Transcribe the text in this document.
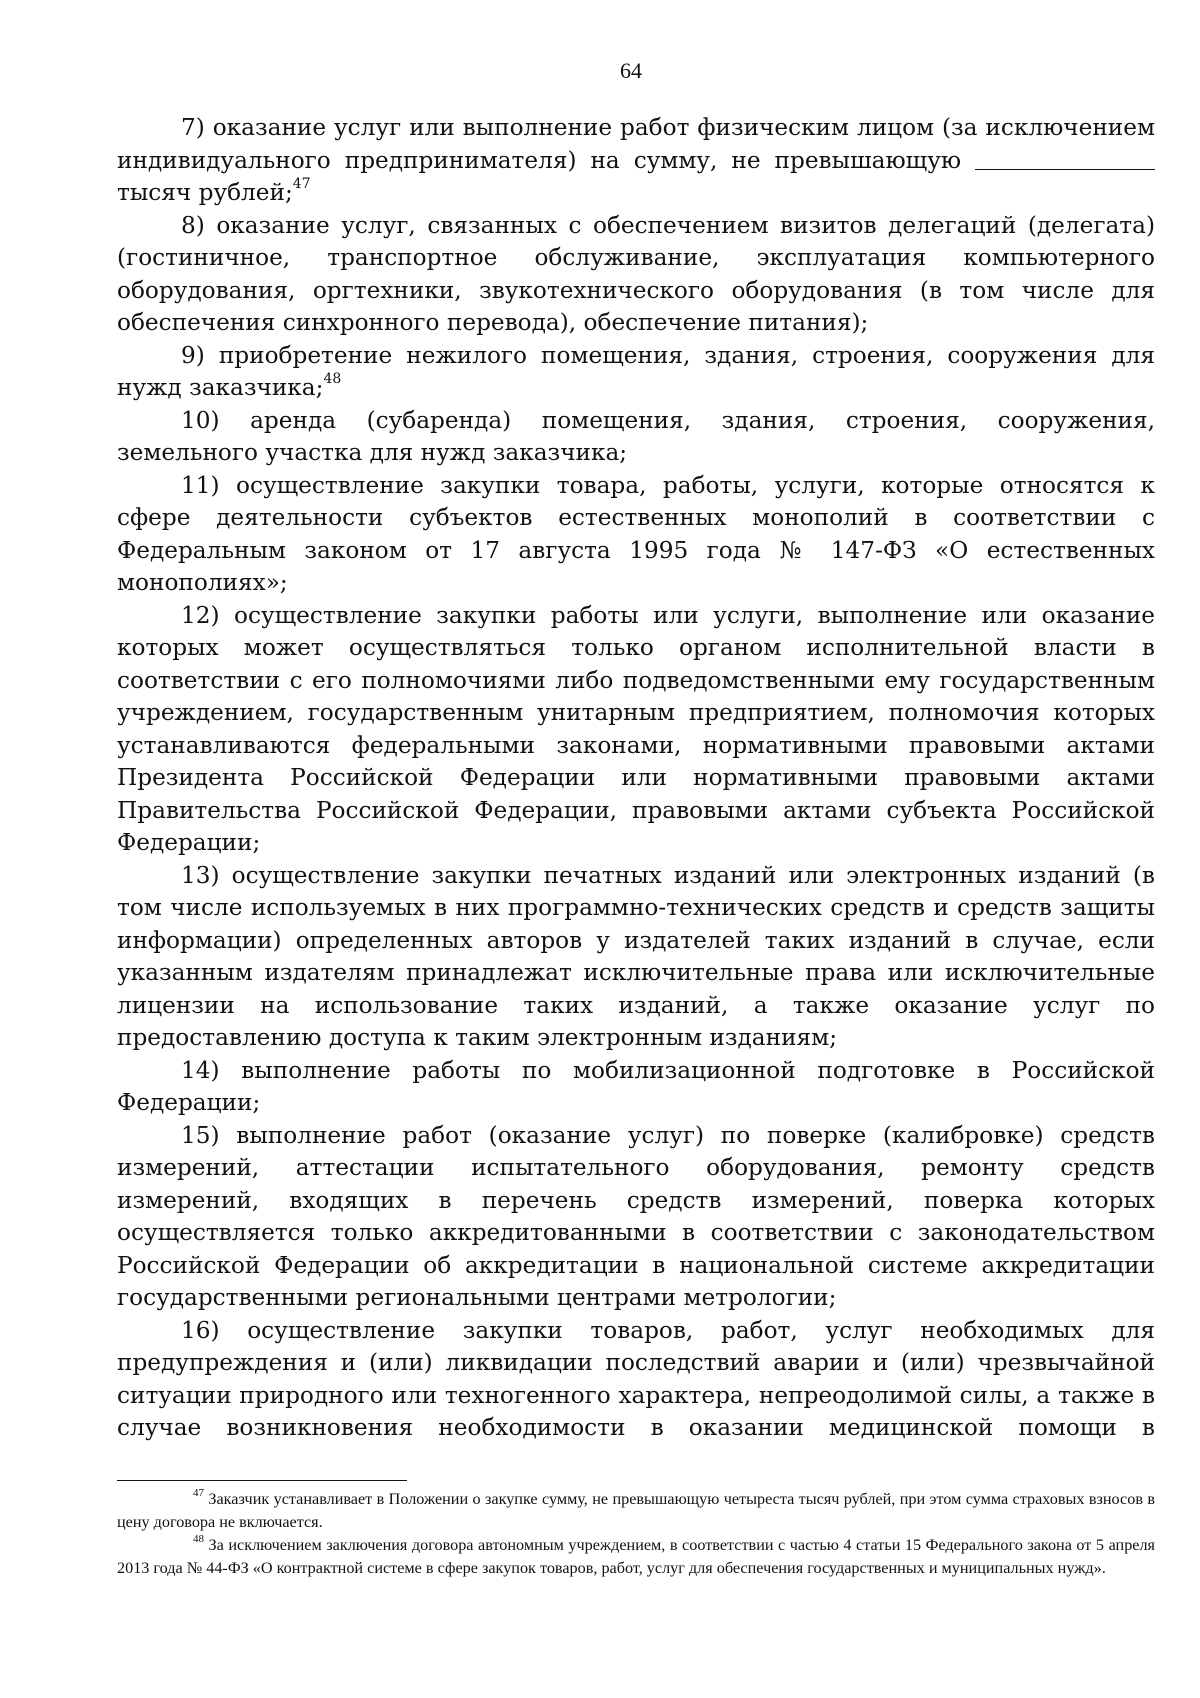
64

7) оказание услуг или выполнение работ физическим лицом (за исключением индивидуального предпринимателя) на сумму, не превышающую  тысяч рублей;$^{47}$

8) оказание услуг, связанных с обеспечением визитов делегаций (делегата) (гостиничное, транспортное обслуживание, эксплуатация компьютерного оборудования, оргтехники, звукотехнического оборудования (в том числе для обеспечения синхронного перевода), обеспечение питания);

9) приобретение нежилого помещения, здания, строения, сооружения для нужд заказчика;$^{48}$

10) аренда (субаренда) помещения, здания, строения, сооружения, земельного участка для нужд заказчика;

11) осуществление закупки товара, работы, услуги, которые относятся к сфере деятельности субъектов естественных монополий в соответствии с Федеральным законом от 17 августа 1995 года № 147-ФЗ «О естественных монополиях»;

12) осуществление закупки работы или услуги, выполнение или оказание которых может осуществляться только органом исполнительной власти в соответствии с его полномочиями либо подведомственными ему государственным учреждением, государственным унитарным предприятием, полномочия которых устанавливаются федеральными законами, нормативными правовыми актами Президента Российской Федерации или нормативными правовыми актами Правительства Российской Федерации, правовыми актами субъекта Российской Федерации;

13) осуществление закупки печатных изданий или электронных изданий (в том числе используемых в них программно-технических средств и средств защиты информации) определенных авторов у издателей таких изданий в случае, если указанным издателям принадлежат исключительные права или исключительные лицензии на использование таких изданий, а также оказание услуг по предоставлению доступа к таким электронным изданиям;

14) выполнение работы по мобилизационной подготовке в Российской Федерации;

15) выполнение работ (оказание услуг) по поверке (калибровке) средств измерений, аттестации испытательного оборудования, ремонту средств измерений, входящих в перечень средств измерений, поверка которых осуществляется только аккредитованными в соответствии с законодательством Российской Федерации об аккредитации в национальной системе аккредитации государственными региональными центрами метрологии;

16) осуществление закупки товаров, работ, услуг необходимых для предупреждения и (или) ликвидации последствий аварии и (или) чрезвычайной ситуации природного или техногенного характера, непреодолимой силы, а также в случае возникновения необходимости в оказании медицинской помощи в

$^{47}$ Заказчик устанавливает в Положении о закупке сумму, не превышающую четыреста тысяч рублей, при этом сумма страховых взносов в цену договора не включается.

$^{48}$ За исключением заключения договора автономным учреждением, в соответствии с частью 4 статьи 15 Федерального закона от 5 апреля 2013 года № 44-ФЗ «О контрактной системе в сфере закупок товаров, работ, услуг для обеспечения государственных и муниципальных нужд».
